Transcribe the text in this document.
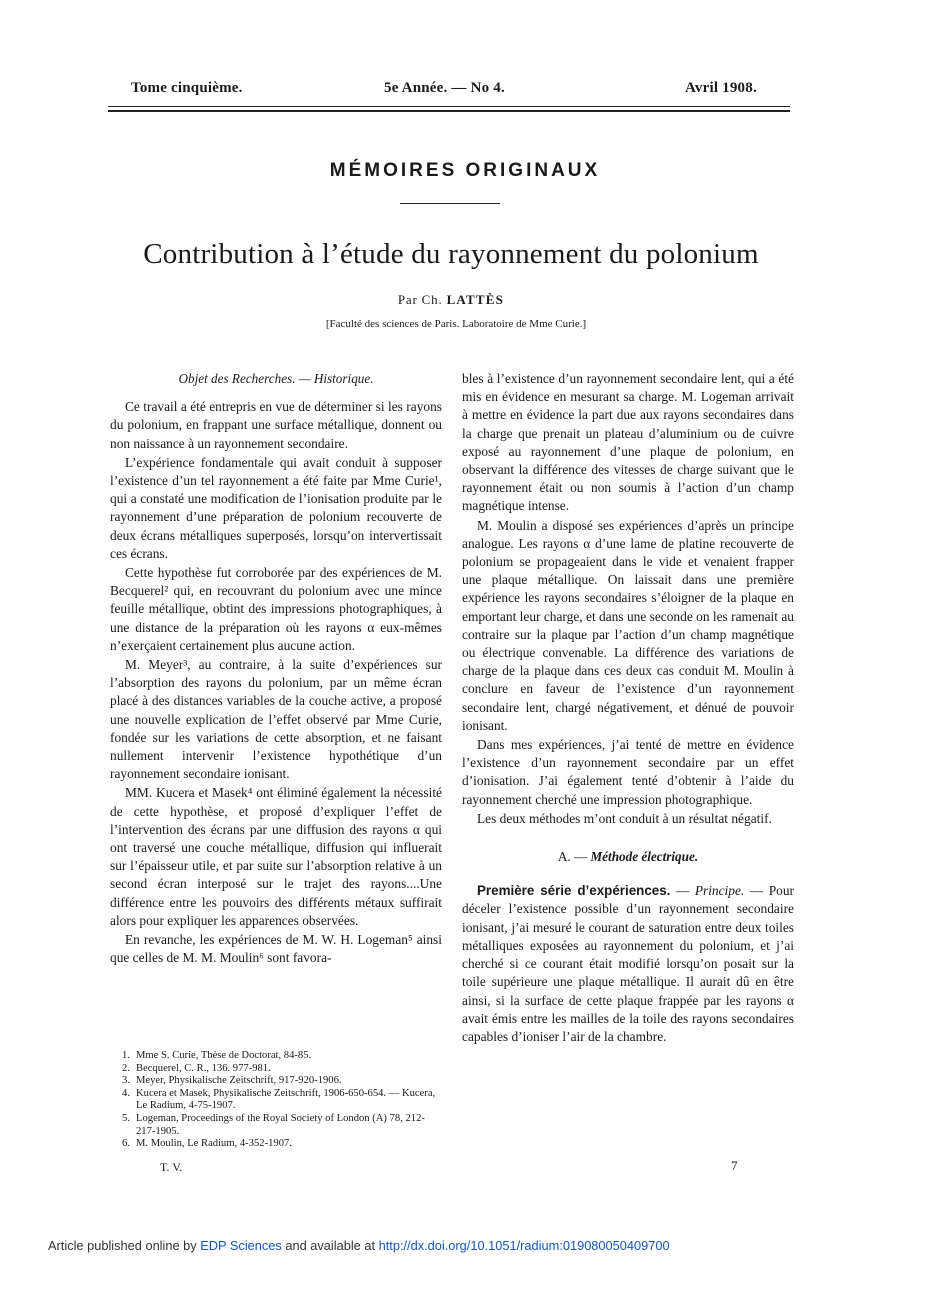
Tome cinquième.	5e Année. — No 4.	Avril 1908.
MÉMOIRES ORIGINAUX
Contribution à l’étude du rayonnement du polonium
Par Ch. LATTÈS
[Faculté des sciences de Paris. Laboratoire de Mme Curie.]
Objet des Recherches. — Historique.

Ce travail a été entrepris en vue de déterminer si les rayons du polonium, en frappant une surface métallique, donnent ou non naissance à un rayonnement secondaire.

L’expérience fondamentale qui avait conduit à supposer l’existence d’un tel rayonnement a été faite par Mme Curie¹, qui a constaté une modification de l’ionisation produite par le rayonnement d’une préparation de polonium recouverte de deux écrans métalliques superposés, lorsqu’on intervertissait ces écrans.

Cette hypothèse fut corroborée par des expériences de M. Becquerel² qui, en recouvrant du polonium avec une mince feuille métallique, obtint des impressions photographiques, à une distance de la préparation où les rayons α eux-mêmes n’exerçaient certainement plus aucune action.

M. Meyer³, au contraire, à la suite d’expériences sur l’absorption des rayons du polonium, par un même écran placé à des distances variables de la couche active, a proposé une nouvelle explication de l’effet observé par Mme Curie, fondée sur les variations de cette absorption, et ne faisant nullement intervenir l’existence hypothétique d’un rayonnement secondaire ionisant.

MM. Kucera et Masek⁴ ont éliminé également la nécessité de cette hypothèse, et proposé d’expliquer l’effet de l’intervention des écrans par une diffusion des rayons α qui ont traversé une couche métallique, diffusion qui influerait sur l’épaisseur utile, et par suite sur l’absorption relative à un second écran interposé sur le trajet des rayons....Une différence entre les pouvoirs des différents métaux suffirait alors pour expliquer les apparences observées.

En revanche, les expériences de M. W. H. Logeman⁵ ainsi que celles de M. M. Moulin⁶ sont favora-

1. Mme S. Curie, Thèse de Doctorat, 84-85.
2. Becquerel, C. R., 136. 977-981.
3. Meyer, Physikalische Zeitschrift, 917-920-1906.
4. Kucera et Masek, Physikalische Zeitschrift, 1906-650-654. — Kucera, Le Radium, 4-75-1907.
5. Logeman, Proceedings of the Royal Society of London (A) 78, 212-217-1905.
6. M. Moulin, Le Radium, 4-352-1907.
T. V.

bles à l’existence d’un rayonnement secondaire lent, qui a été mis en évidence en mesurant sa charge. M. Logeman arrivait à mettre en évidence la part due aux rayons secondaires dans la charge que prenait un plateau d’aluminium ou de cuivre exposé au rayonnement d’une plaque de polonium, en observant la différence des vitesses de charge suivant que le rayonnement était ou non soumis à l’action d’un champ magnétique intense.

M. Moulin a disposé ses expériences d’après un principe analogue. Les rayons α d’une lame de platine recouverte de polonium se propageaient dans le vide et venaient frapper une plaque métallique. On laissait dans une première expérience les rayons secondaires s’éloigner de la plaque en emportant leur charge, et dans une seconde on les ramenait au contraire sur la plaque par l’action d’un champ magnétique ou électrique convenable. La différence des variations de charge de la plaque dans ces deux cas conduit M. Moulin à conclure en faveur de l’existence d’un rayonnement secondaire lent, chargé négativement, et dénué de pouvoir ionisant.

Dans mes expériences, j’ai tenté de mettre en évidence l’existence d’un rayonnement secondaire par un effet d’ionisation. J’ai également tenté d’obtenir à l’aide du rayonnement cherché une impression photographique.

Les deux méthodes m’ont conduit à un résultat négatif.

A. — Méthode électrique.

Première série d’expériences. — Principe. — Pour déceler l’existence possible d’un rayonnement secondaire ionisant, j’ai mesuré le courant de saturation entre deux toiles métalliques exposées au rayonnement du polonium, et j’ai cherché si ce courant était modifié lorsqu’on posait sur la toile supérieure une plaque métallique. Il aurait dû en être ainsi, si la surface de cette plaque frappée par les rayons α avait émis entre les mailles de la toile des rayons secondaires capables d’ioniser l’air de la chambre.

7
Article published online by EDP Sciences and available at http://dx.doi.org/10.1051/radium:019080050409700
